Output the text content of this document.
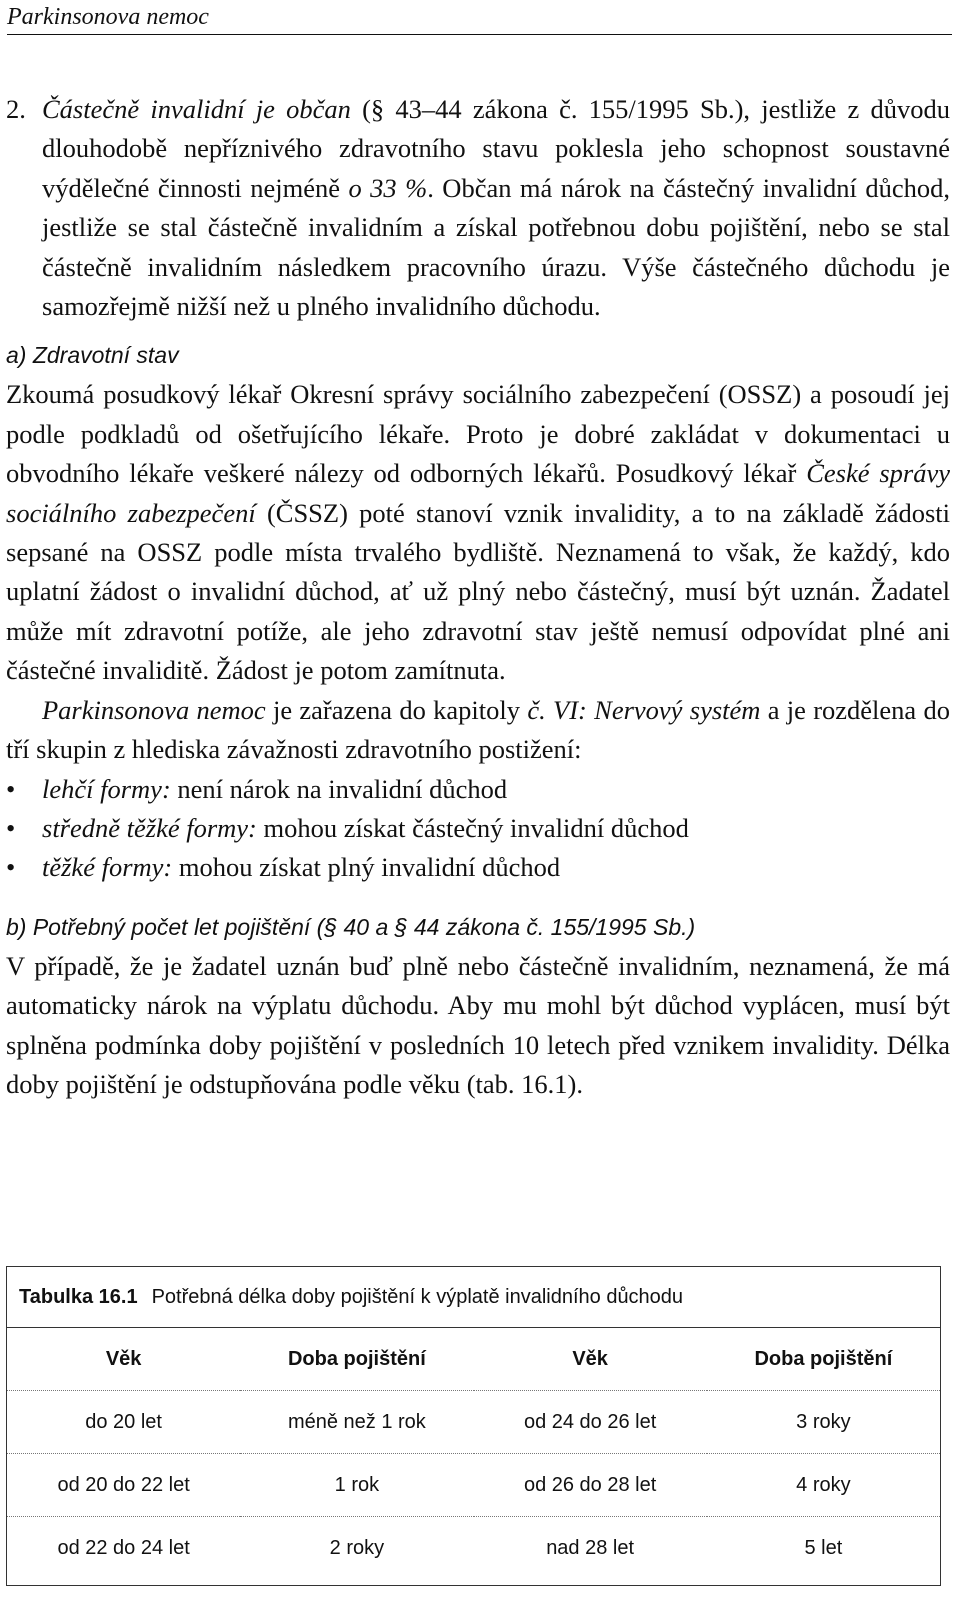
Parkinsonova nemoc

2. Částečně invalidní je občan (§ 43–44 zákona č. 155/1995 Sb.), jestliže z důvodu dlouhodobě nepříznivého zdravotního stavu poklesla jeho schopnost soustavné výdělečné činnosti nejméně o 33 %. Občan má nárok na částečný invalidní důchod, jestliže se stal částečně invalidním a získal potřebnou dobu pojištění, nebo se stal částečně invalidním následkem pracovního úrazu. Výše částečného důchodu je samozřejmě nižší než u plného invalidního důchodu.

a) Zdravotní stav

Zkoumá posudkový lékař Okresní správy sociálního zabezpečení (OSSZ) a posoudí jej podle podkladů od ošetřujícího lékaře. Proto je dobré zakládat v dokumentaci u obvodního lékaře veškeré nálezy od odborných lékařů. Posudkový lékař České správy sociálního zabezpečení (ČSSZ) poté stanoví vznik invalidity, a to na základě žádosti sepsané na OSSZ podle místa trvalého bydliště. Neznamená to však, že každý, kdo uplatní žádost o invalidní důchod, ať už plný nebo částečný, musí být uznán. Žadatel může mít zdravotní potíže, ale jeho zdravotní stav ještě nemusí odpovídat plné ani částečné invaliditě. Žádost je potom zamítnuta.

Parkinsonova nemoc je zařazena do kapitoly č. VI: Nervový systém a je rozdělena do tří skupin z hlediska závažnosti zdravotního postižení:

• lehčí formy: není nárok na invalidní důchod
• středně těžké formy: mohou získat částečný invalidní důchod
• těžké formy: mohou získat plný invalidní důchod
b) Potřebný počet let pojištění (§ 40 a § 44 zákona č. 155/1995 Sb.)

V případě, že je žadatel uznán buď plně nebo částečně invalidním, neznamená, že má automaticky nárok na výplatu důchodu. Aby mu mohl být důchod vyplácen, musí být splněna podmínka doby pojištění v posledních 10 letech před vznikem invalidity. Délka doby pojištění je odstupňována podle věku (tab. 16.1).

Tabulka 16.1 Potřebná délka doby pojištění k výplatě invalidního důchodu
Věk	Doba pojištění	Věk	Doba pojištění
do 20 let	méně než 1 rok	od 24 do 26 let	3 roky
od 20 do 22 let	1 rok	od 26 do 28 let	4 roky
od 22 do 24 let	2 roky	nad 28 let	5 let
